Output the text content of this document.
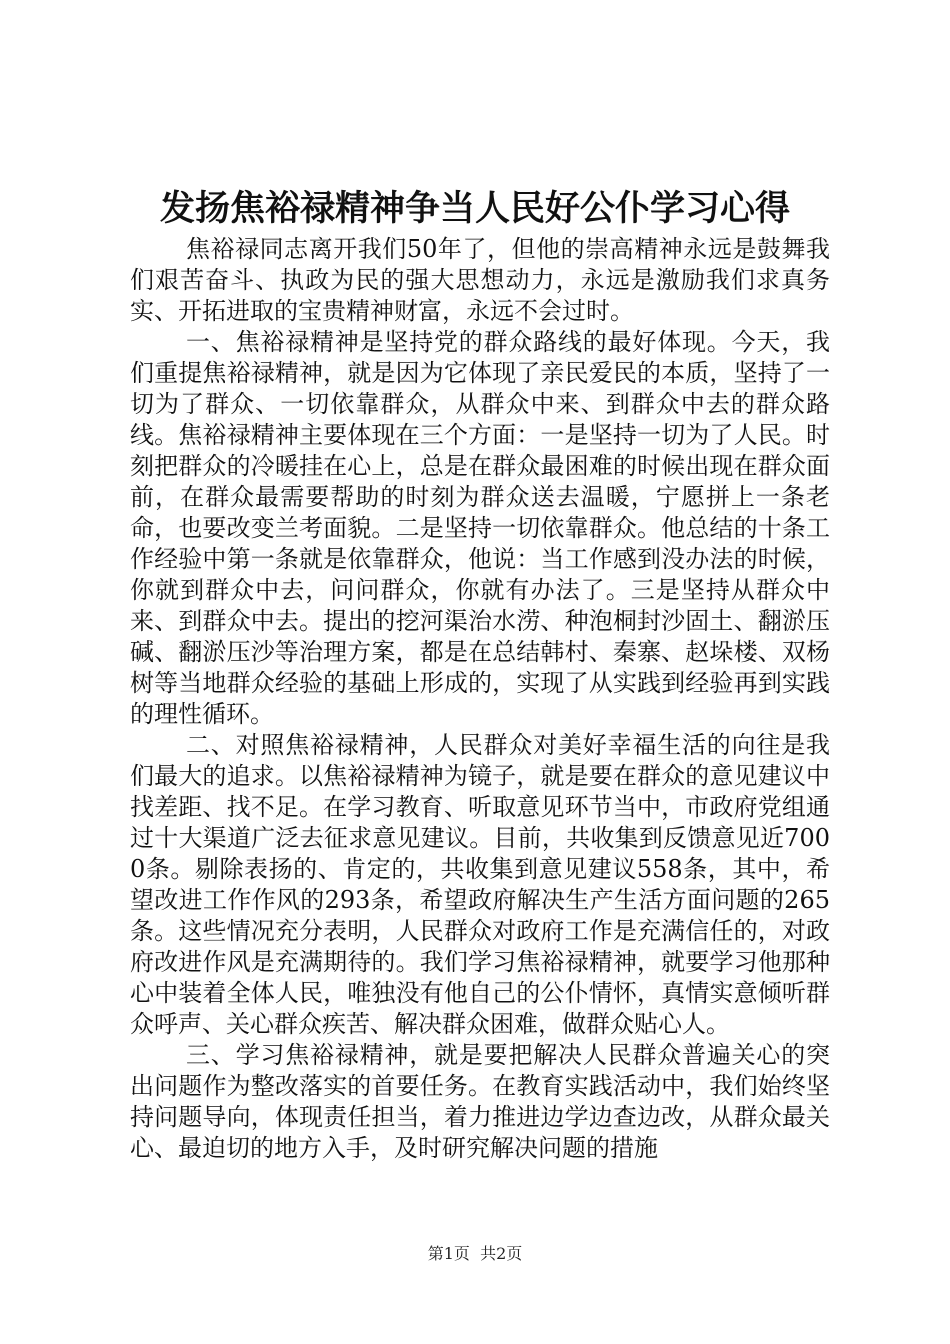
发扬焦裕禄精神争当人民好公仆学习心得

焦裕禄同志离开我们50年了，但他的崇高精神永远是鼓舞我们艰苦奋斗、执政为民的强大思想动力，永远是激励我们求真务实、开拓进取的宝贵精神财富，永远不会过时。

一、焦裕禄精神是坚持党的群众路线的最好体现。今天，我们重提焦裕禄精神，就是因为它体现了亲民爱民的本质，坚持了一切为了群众、一切依靠群众，从群众中来、到群众中去的群众路线。焦裕禄精神主要体现在三个方面：一是坚持一切为了人民。时刻把群众的冷暖挂在心上，总是在群众最困难的时候出现在群众面前，在群众最需要帮助的时刻为群众送去温暖，宁愿拼上一条老命，也要改变兰考面貌。二是坚持一切依靠群众。他总结的十条工作经验中第一条就是依靠群众，他说：当工作感到没办法的时候，你就到群众中去，问问群众，你就有办法了。三是坚持从群众中来、到群众中去。提出的挖河渠治水涝、种泡桐封沙固土、翻淤压碱、翻淤压沙等治理方案，都是在总结韩村、秦寨、赵垛楼、双杨树等当地群众经验的基础上形成的，实现了从实践到经验再到实践的理性循环。

二、对照焦裕禄精神，人民群众对美好幸福生活的向往是我们最大的追求。以焦裕禄精神为镜子，就是要在群众的意见建议中找差距、找不足。在学习教育、听取意见环节当中，市政府党组通过十大渠道广泛去征求意见建议。目前，共收集到反馈意见近7000条。剔除表扬的、肯定的，共收集到意见建议558条，其中，希望改进工作作风的293条，希望政府解决生产生活方面问题的265条。这些情况充分表明，人民群众对政府工作是充满信任的，对政府改进作风是充满期待的。我们学习焦裕禄精神，就要学习他那种心中装着全体人民，唯独没有他自己的公仆情怀，真情实意倾听群众呼声、关心群众疾苦、解决群众困难，做群众贴心人。

三、学习焦裕禄精神，就是要把解决人民群众普遍关心的突出问题作为整改落实的首要任务。在教育实践活动中，我们始终坚持问题导向，体现责任担当，着力推进边学边查边改，从群众最关心、最迫切的地方入手，及时研究解决问题的措施

第1页  共2页
